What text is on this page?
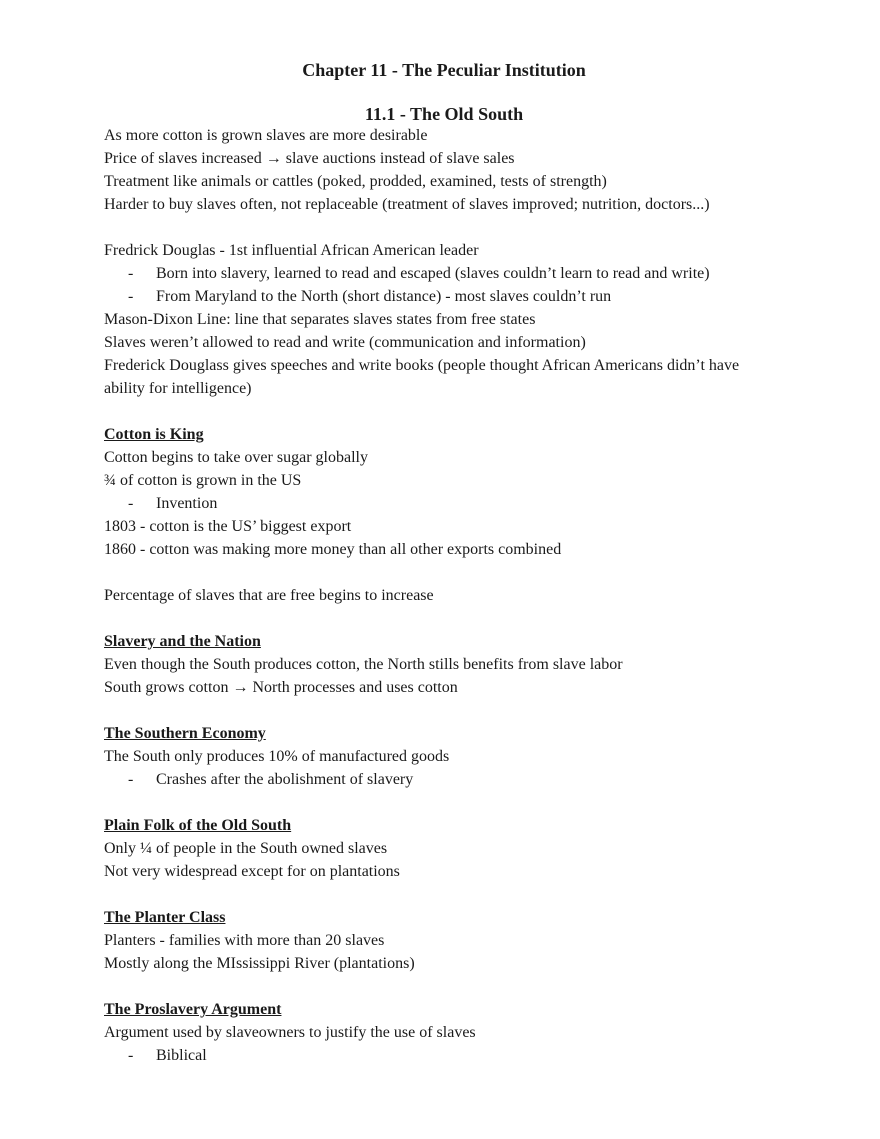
Chapter 11 - The Peculiar Institution

11.1 - The Old South

As more cotton is grown slaves are more desirable

Price of slaves increased → slave auctions instead of slave sales

Treatment like animals or cattles (poked, prodded, examined, tests of strength)

Harder to buy slaves often, not replaceable (treatment of slaves improved; nutrition, doctors...)

Fredrick Douglas - 1st influential African American leader

- Born into slavery, learned to read and escaped (slaves couldn’t learn to read and write)

- From Maryland to the North (short distance) - most slaves couldn’t run

Mason-Dixon Line: line that separates slaves states from free states

Slaves weren’t allowed to read and write (communication and information)

Frederick Douglass gives speeches and write books (people thought African Americans didn’t have ability for intelligence)

Cotton is King

Cotton begins to take over sugar globally

¾ of cotton is grown in the US

- Invention

1803 - cotton is the US’ biggest export

1860 - cotton was making more money than all other exports combined

Percentage of slaves that are free begins to increase

Slavery and the Nation

Even though the South produces cotton, the North stills benefits from slave labor

South grows cotton → North processes and uses cotton

The Southern Economy

The South only produces 10% of manufactured goods

- Crashes after the abolishment of slavery

Plain Folk of the Old South

Only ¼ of people in the South owned slaves

Not very widespread except for on plantations

The Planter Class

Planters - families with more than 20 slaves

Mostly along the MIssissippi River (plantations)

The Proslavery Argument

Argument used by slaveowners to justify the use of slaves

- Biblical
